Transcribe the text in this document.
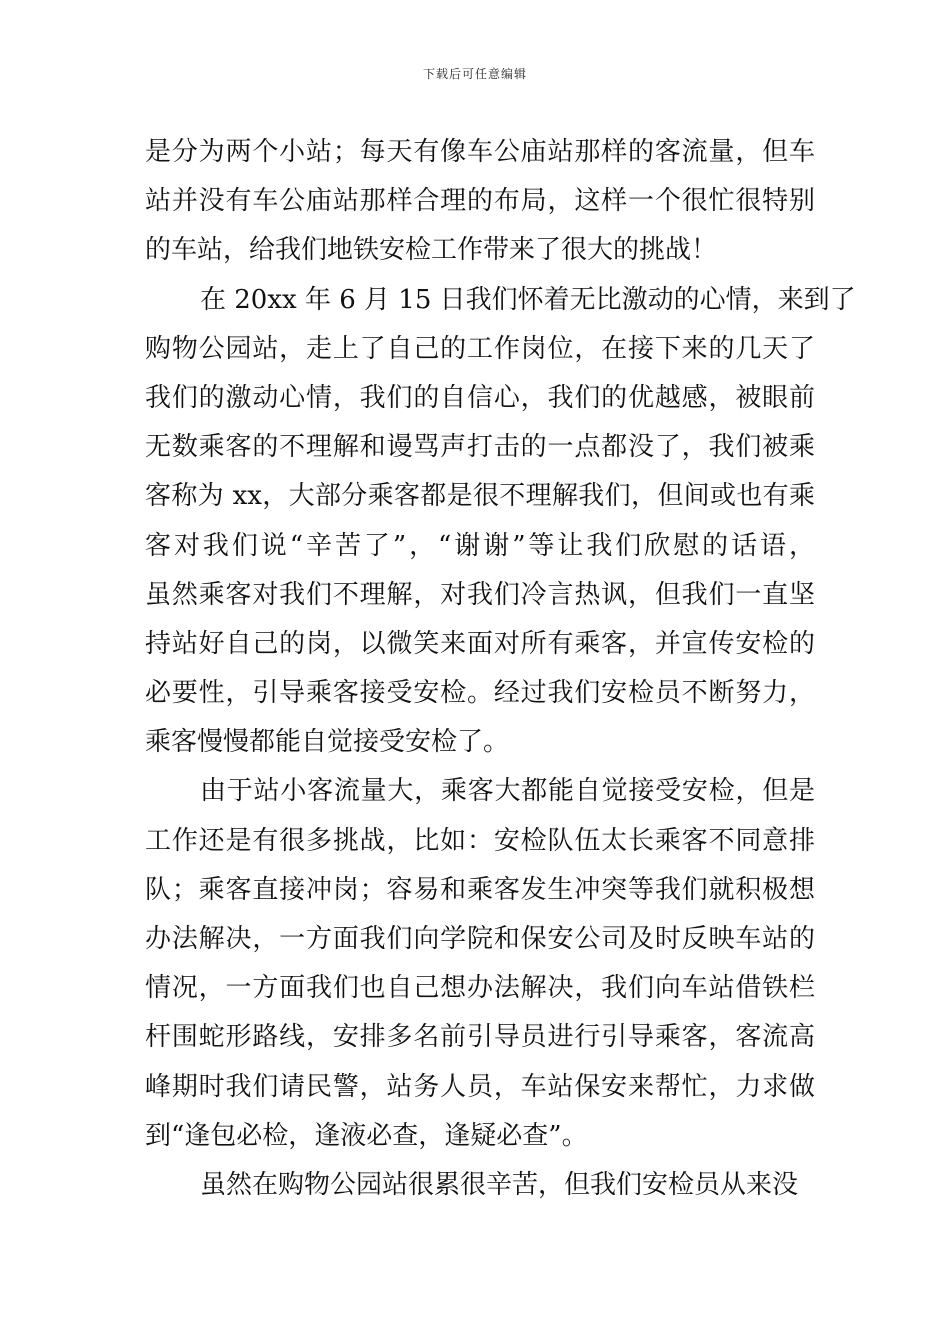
下载后可任意编辑
是分为两个小站；每天有像车公庙站那样的客流量，但车
站并没有车公庙站那样合理的布局，这样一个很忙很特别
的车站，给我们地铁安检工作带来了很大的挑战！
在 20xx 年 6 月 15 日我们怀着无比激动的心情，来到了
购物公园站，走上了自己的工作岗位，在接下来的几天了
我们的激动心情，我们的自信心，我们的优越感，被眼前
无数乘客的不理解和谩骂声打击的一点都没了，我们被乘
客称为 xx，大部分乘客都是很不理解我们，但间或也有乘
客对我们说“辛苦了”，“谢谢”等让我们欣慰的话语，
虽然乘客对我们不理解，对我们冷言热讽，但我们一直坚
持站好自己的岗，以微笑来面对所有乘客，并宣传安检的
必要性，引导乘客接受安检。经过我们安检员不断努力，
乘客慢慢都能自觉接受安检了。
由于站小客流量大，乘客大都能自觉接受安检，但是
工作还是有很多挑战，比如：安检队伍太长乘客不同意排
队；乘客直接冲岗；容易和乘客发生冲突等我们就积极想
办法解决，一方面我们向学院和保安公司及时反映车站的
情况，一方面我们也自己想办法解决，我们向车站借铁栏
杆围蛇形路线，安排多名前引导员进行引导乘客，客流高
峰期时我们请民警，站务人员，车站保安来帮忙，力求做
到“逢包必检，逢液必查，逢疑必查”。
虽然在购物公园站很累很辛苦，但我们安检员从来没
